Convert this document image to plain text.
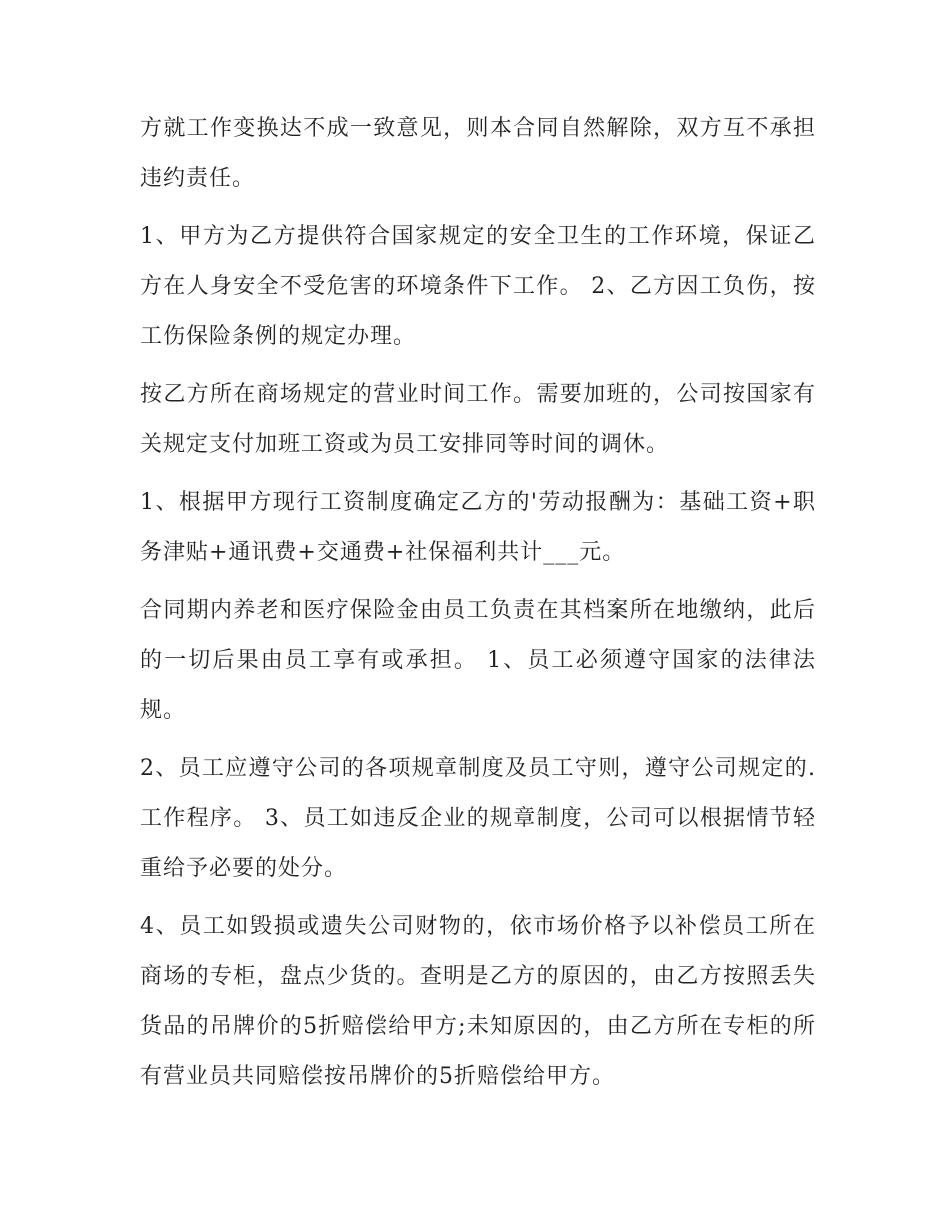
方就工作变换达不成一致意见，则本合同自然解除，双方互不承担违约责任。

1、甲方为乙方提供符合国家规定的安全卫生的工作环境，保证乙方在人身安全不受危害的环境条件下工作。 2、乙方因工负伤，按工伤保险条例的规定办理。

按乙方所在商场规定的营业时间工作。需要加班的，公司按国家有关规定支付加班工资或为员工安排同等时间的调休。

1、根据甲方现行工资制度确定乙方的'劳动报酬为：基础工资+职务津贴+通讯费+交通费+社保福利共计___元。

合同期内养老和医疗保险金由员工负责在其档案所在地缴纳，此后的一切后果由员工享有或承担。 1、员工必须遵守国家的法律法规。

2、员工应遵守公司的各项规章制度及员工守则，遵守公司规定的.工作程序。 3、员工如违反企业的规章制度，公司可以根据情节轻重给予必要的处分。

4、员工如毁损或遗失公司财物的，依市场价格予以补偿员工所在商场的专柜，盘点少货的。查明是乙方的原因的，由乙方按照丢失货品的吊牌价的5折赔偿给甲方;未知原因的，由乙方所在专柜的所有营业员共同赔偿按吊牌价的5折赔偿给甲方。
